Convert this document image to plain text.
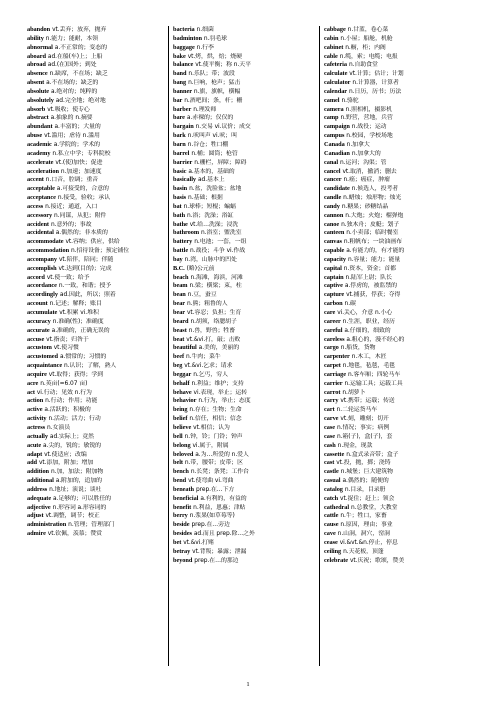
abandon vt.丢弃；放弃，抛弃
ability n.能力；能耐，本领
abnormal a.不正常的；变态的
aboard ad.在船(车)上；上船
abroad ad.(在)国外；到处
absence n.缺席，不在场；缺乏
absent a.不在场的；缺乏的
absolute a.绝对的；纯粹的
absolutely ad.完全地；绝对地
absorb vt.吸收；使专心
abstract a.抽象的 n.摘要
abundant a.丰富的；大量的
abuse vt.滥用；虐待 n.滥用
academic a.学院的；学术的
academy n.私立中学；专科院校
accelerate vt.(使)加快；促进
acceleration n.加速；加速度
accent n.口音，腔调；重音
acceptable a.可接受的，合意的
acceptance n.接受，验收；承认
access n.接近；通道，入口
accessory n.同谋，从犯；附件
accident n.意外的；事故
accidental a.偶然的；非本质的
accommodate vt.容纳；供应，供给
accommodation n.招待设备；预定铺位
accompany vt.陪伴，陪同；伴随
accomplish vt.达到(目的)；完成
accord vt.使一致；给予
accordance n.一致，和谐；授予
accordingly ad.因此，所以；照着
account n.记述；解释；账目
accumulate vt.积累 vi.堆积
accuracy n.准确(性)；准确度
accurate a.准确的，正确无误的
accuse vt.指责；归咎于
accustom vt.使习惯
accustomed a.惯常的；习惯的
acquaintance n.认识；了解，熟人
acquire vt.取得；获得；学到
acre n.英亩(=6.07 亩)
act vi.行动；见效 n.行为
action n.行动；作用；功能
active a.活跃的；积极的
activity n.活动；活力；行动
actress n.女演员
actually ad.实际上；竟然
acute a.尖的，锐的；敏锐的
adapt vt.使适应；改编
add vt.添加，附加；增加
addition n.加，加法；附加物
additional a.附加的，追加的
address n.地址；演说；谈吐
adequate a.足够的；可以胜任的
adjective n.形容词 a.形容词的
adjust vt.调整，调节；校正
administration n.管理；管理部门
admire vt.钦佩，羡慕；赞赏
bacteria n.细菌
badminton n.羽毛球
baggage n.行李
bake vt.烤，烘，焙；烧硬
balance vt.使平衡；称 n.天平
band n.乐队；带；波段
bang n.巨响，枪声；猛击
banner n.旗，旗帜，横幅
bar n.酒吧间；条，杆；栅
barber n.理发师
bare a.赤裸的；仅仅的
bargain n.交易 vi.议价；成交
bark n.吠叫声 vi.吠；叫
barn n.谷仓；牲口棚
barrel n.桶；圆筒；枪管
barrier n.栅栏，屏障；障碍
basic a.基本的，基础的
basically ad.基本上
basin n.盆，洗脸盆；盆地
basis n.基础；根据
bat n.球棒；短棍；蝙蝠
bath n.浴；洗澡；浴缸
bathe vt.给…洗澡；浸洗
bathroom n.浴室；盥洗室
battery n.电池；一套，一组
battle n.战役；斗争 vi.作战
bay n.湾，山脉中的凹处
B.C. (略)公元前
beach n.海滩，海滨，河滩
beam n.梁；横梁；束，柱
bean n.豆，蚕豆
bear n.熊；粗鲁的人
bear vt.容忍；负担；生育
beard n.胡须，络腮胡子
beast n.兽，野兽；牲畜
beat vt.&vi.打，敲；击败
beautiful a.美的，美丽的
beef n.牛肉；菜牛
beg vt.&vi.乞求；请求
beggar n.乞丐，穷人
behalf n.利益；维护；支持
behave vi.表现，举止；运转
behavior n.行为，举止；态度
being n.存在；生物；生命
belief n.信任，相信；信念
believe vt.相信；认为
bell n.钟，铃；门铃；钟声
belong vi.属于，附属
beloved a.为…所爱的 n.爱人
belt n.带，腰带；皮带；区
bench n.长凳；条凳；工作台
bend vt.使弯曲 vi.弯曲
beneath prep.在…下方
beneficial a.有利的，有益的
benefit n.利益，恩惠；津贴
berry n.浆果(如草莓等)
beside prep.在…旁边
besides ad.而且 prep.除…之外
bet vt.&vi.打赌
betray vt.背叛；暴露；泄漏
beyond prep.在…的那边
cabbage n.甘蓝，卷心菜
cabin n.小屋；船舱，机舱
cabinet n.橱，柜；内阁
cable n.缆，索；电缆；电报
cafeteria n.自助食堂
calculate vt.计算；估计；计划
calculator n.计算器，计算者
calendar n.日历，历书；历法
camel n.骆驼
camera n.照相机，摄影机
camp n.野营，营地，兵营
campaign n.战役；运动
campus n.校园，学校场地
Canada n.加拿大
Canadian n.加拿大的
canal n.运河；沟渠；管
cancel vt.取消，撤消；删去
cancer n.癌；癌症，肿瘤
candidate n.候选人，投考者
candle n.蜡烛；烛形物；烛光
candy n.糖果；砂糖结晶
cannon n.大炮；火炮；榴弹炮
canoe n.独木舟；皮艇；划子
canteen n.小卖部；临时餐室
canvas n.粗帆布；一块油画布
capable a.有能力的，有才能的
capacity n.容量；能力；能量
capital n.资本，资金；首都
captain n.陆军上尉；队长
captive a.俘虏的，被监禁的
capture vt.捕获，俘获；夺得
carbon n.碳
care vi.关心，介意 n.小心
career n.生涯，职业，经历
careful a.仔细的，细致的
careless a.粗心的，漫不经心的
cargo n.船货，货物
carpenter n.木工，木匠
carpet n.地毯，毡毯，毛毯
carriage n.客车厢；四轮马车
carrier n.运输工具；运载工具
carrot n.胡萝卜
carry vt.携带；运载；传送
cart n.二轮运货马车
carve vt.刻，雕刻；切开
case n.情况；事实；病例
case n.箱(子)，盒(子)，套
cash n.现金，现款
cassette n.盒式录音带；盒子
cast vt.投，抛，掷；浇铸
castle n.城堡；巨大建筑物
casual a.偶然的；随便的
catalog n.目录，目录册
catch vt.捉住；赶上；领会
cathedral n.总教堂，大教堂
cattle n.牛；牲口，家畜
cause n.原因，理由；事业
cave n.山洞，洞穴，窑洞
cease vi.&vt.&n.停止，停息
ceiling n.天花板，顶蓬
celebrate vt.庆祝；歌颂，赞美
1
